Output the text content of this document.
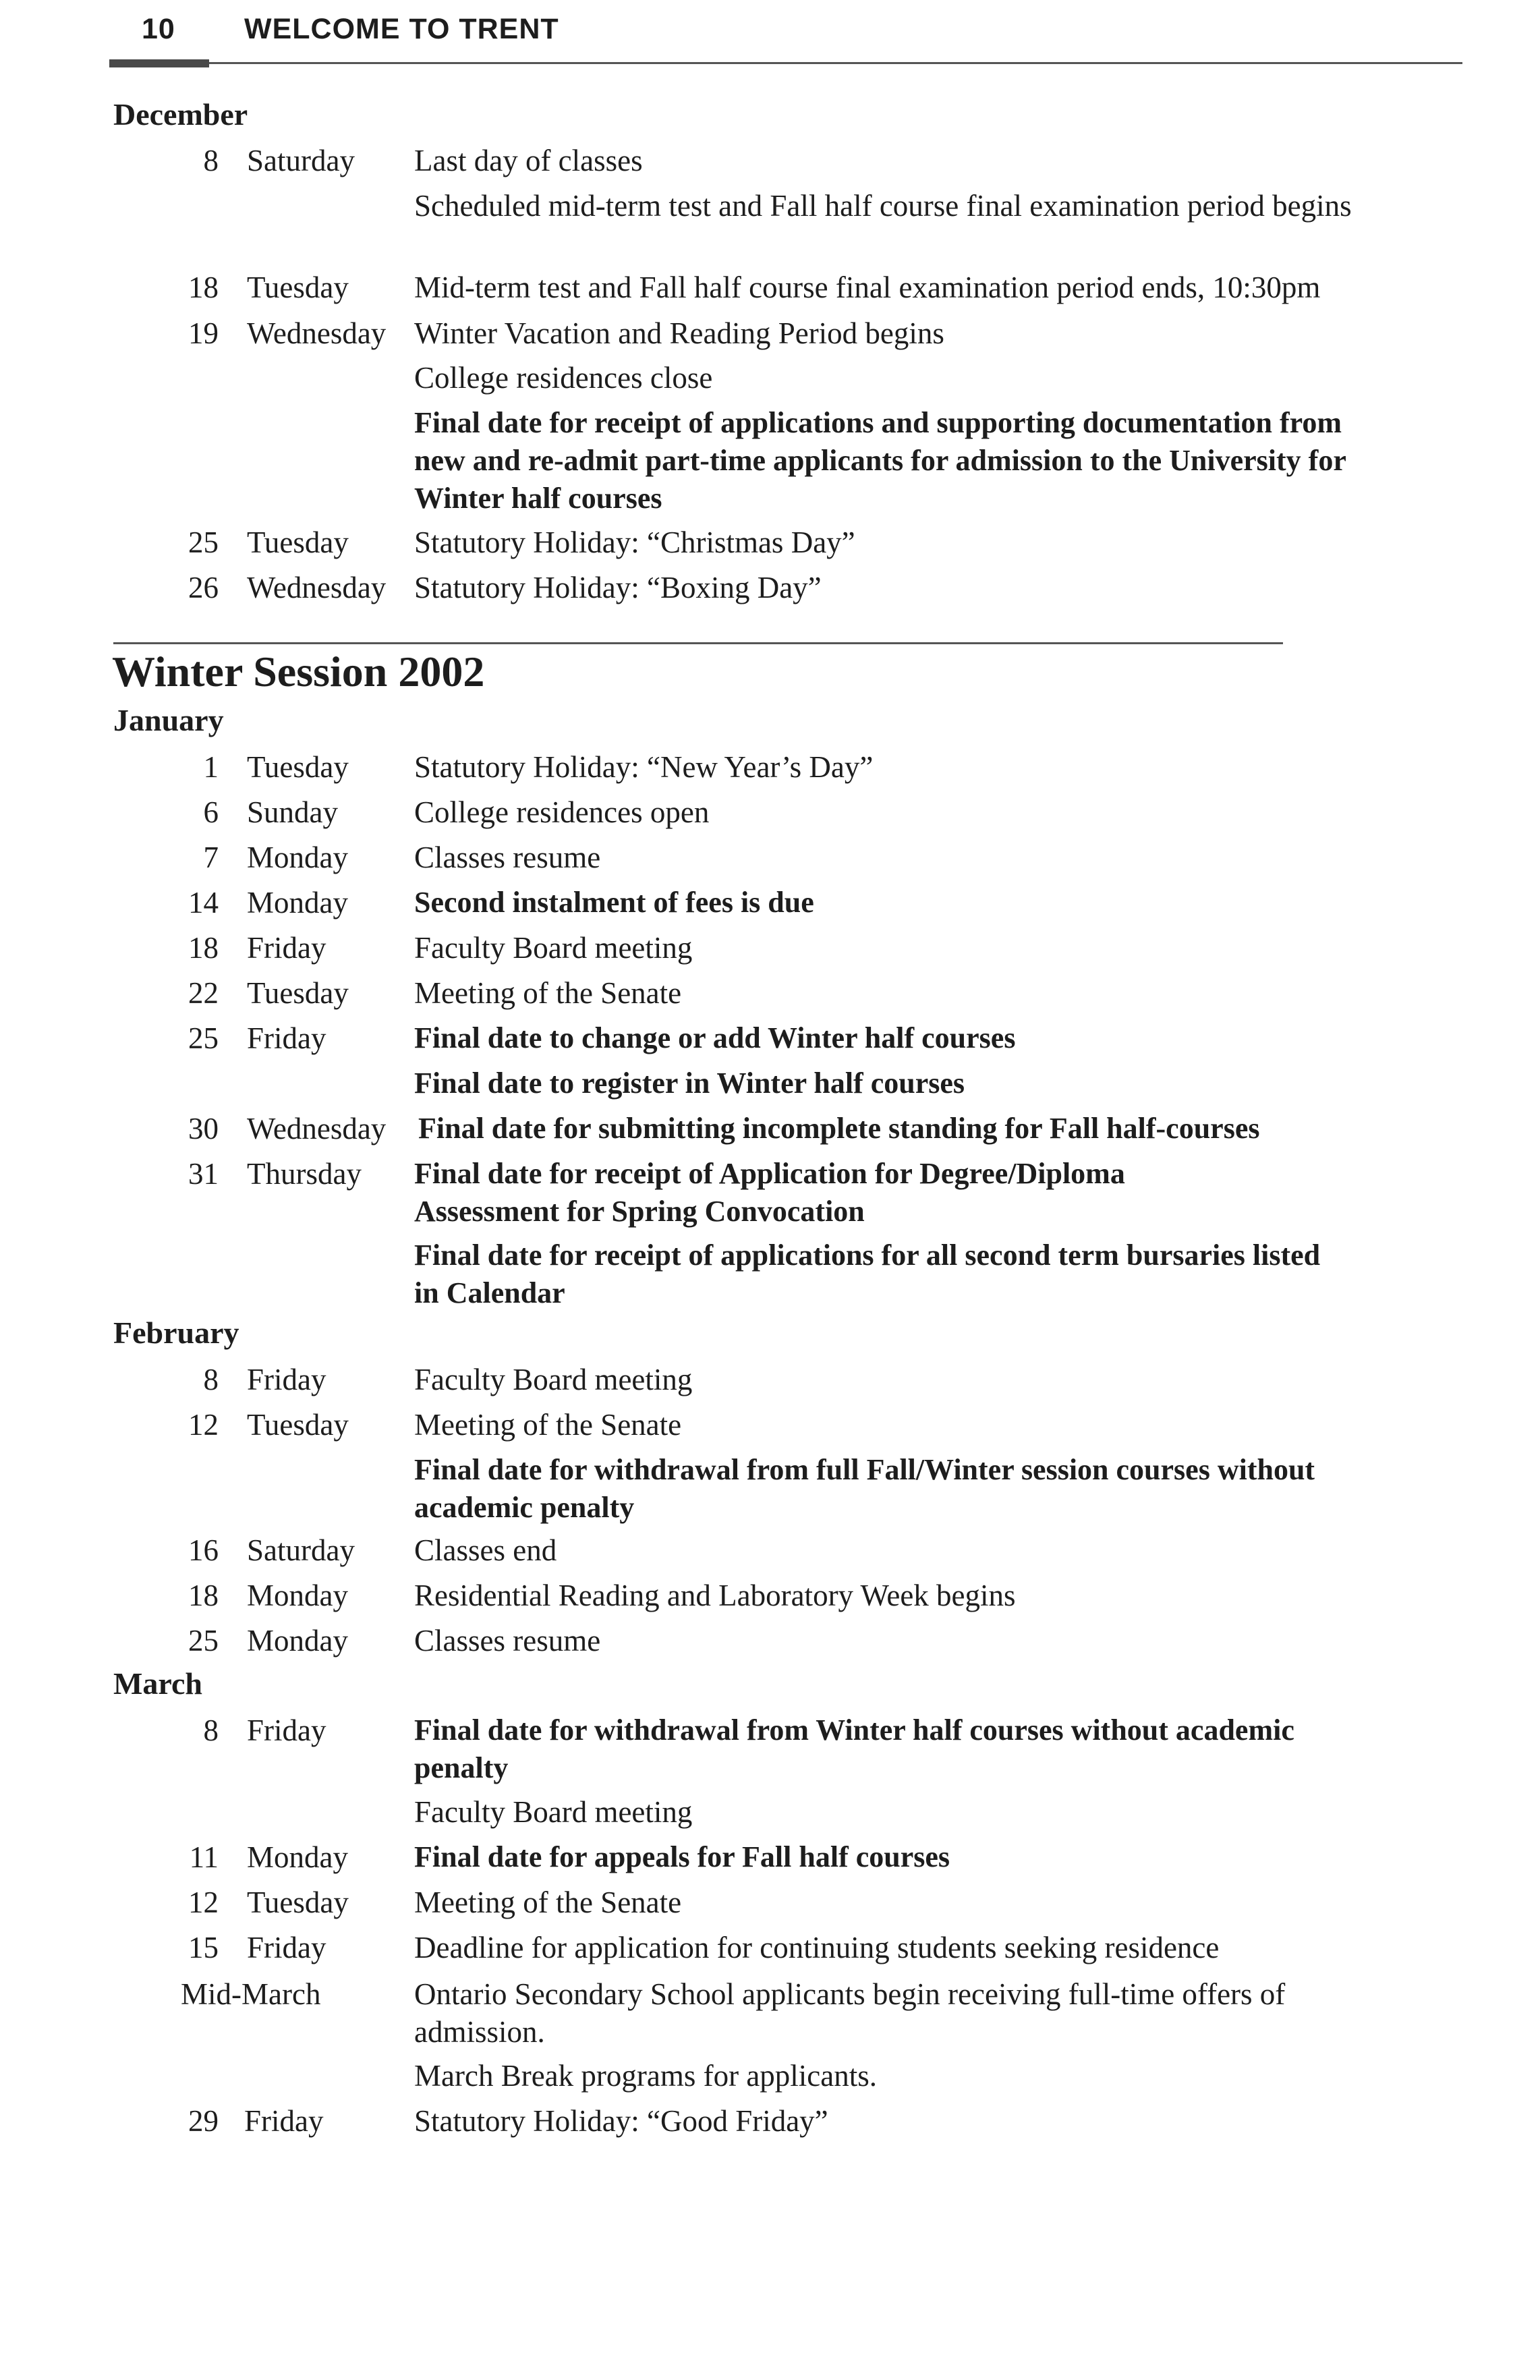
10 WELCOME TO TRENT
December
8 Saturday Last day of classes
Scheduled mid-term test and Fall half course final examination period begins
18 Tuesday Mid-term test and Fall half course final examination period ends, 10:30pm
19 Wednesday Winter Vacation and Reading Period begins
College residences close
Final date for receipt of applications and supporting documentation from new and re-admit part-time applicants for admission to the University for Winter half courses
25 Tuesday Statutory Holiday: “Christmas Day”
26 Wednesday Statutory Holiday: “Boxing Day”
Winter Session 2002
January
1 Tuesday Statutory Holiday: “New Year’s Day”
6 Sunday	College residences open
7 Monday Classes resume
14 Monday Second instalment of fees is due
18 Friday	Faculty Board meeting
22 Tuesday Meeting of the Senate
25 Friday	Final date to change or add Winter half courses
Final date to register in Winter half courses
30 Wednesday Final date for submitting incomplete standing for Fall half-courses
31 Thursday Final date for receipt of Application for Degree/Diploma Assessment for Spring Convocation
Final date for receipt of applications for all second term bursaries listed in Calendar
February
8 Friday	Faculty Board meeting
12 Tuesday Meeting of the Senate
Final date for withdrawal from full Fall/Winter session courses without academic penalty
16 Saturday Classes end
18 Monday Residential Reading and Laboratory Week begins
25 Monday Classes resume
March
8 Friday	Final date for withdrawal from Winter half courses without academic penalty
Faculty Board meeting
11 Monday Final date for appeals for Fall half courses
12 Tuesday Meeting of the Senate
15 Friday	Deadline for application for continuing students seeking residence
Mid-March	Ontario Secondary School applicants begin receiving full-time offers of admission.
March Break programs for applicants.
29 Friday	Statutory Holiday: “Good Friday”
